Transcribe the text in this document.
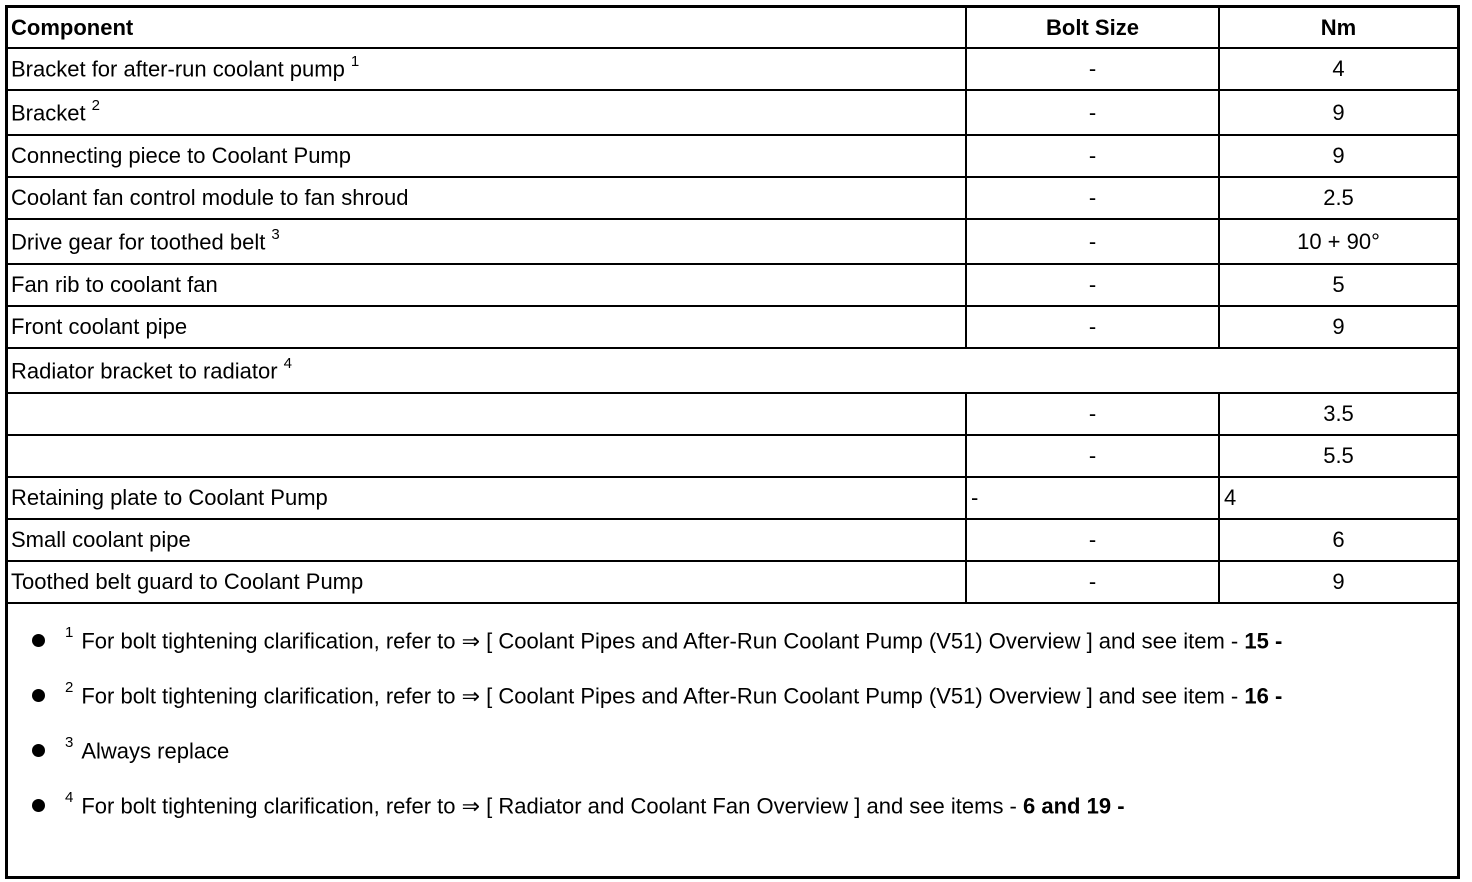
Component	Bolt Size	Nm
Bracket for after-run coolant pump $^1$	-	4
Bracket $^2$	-	9
Connecting piece to Coolant Pump	-	9
Coolant fan control module to fan shroud	-	2.5
Drive gear for toothed belt $^3$	-	10 + 90°
Fan rib to coolant fan	-	5
Front coolant pipe	-	9
Radiator bracket to radiator $^4$
	-	3.5
	-	5.5
Retaining plate to Coolant Pump	-	4
Small coolant pipe	-	6
Toothed belt guard to Coolant Pump	-	9
$^1$ For bolt tightening clarification, refer to ⇒ [ Coolant Pipes and After-Run Coolant Pump (V51) Overview ] and see item - 15 -
$^2$ For bolt tightening clarification, refer to ⇒ [ Coolant Pipes and After-Run Coolant Pump (V51) Overview ] and see item - 16 -
$^3$ Always replace
$^4$ For bolt tightening clarification, refer to ⇒ [ Radiator and Coolant Fan Overview ] and see items - 6 and 19 -
